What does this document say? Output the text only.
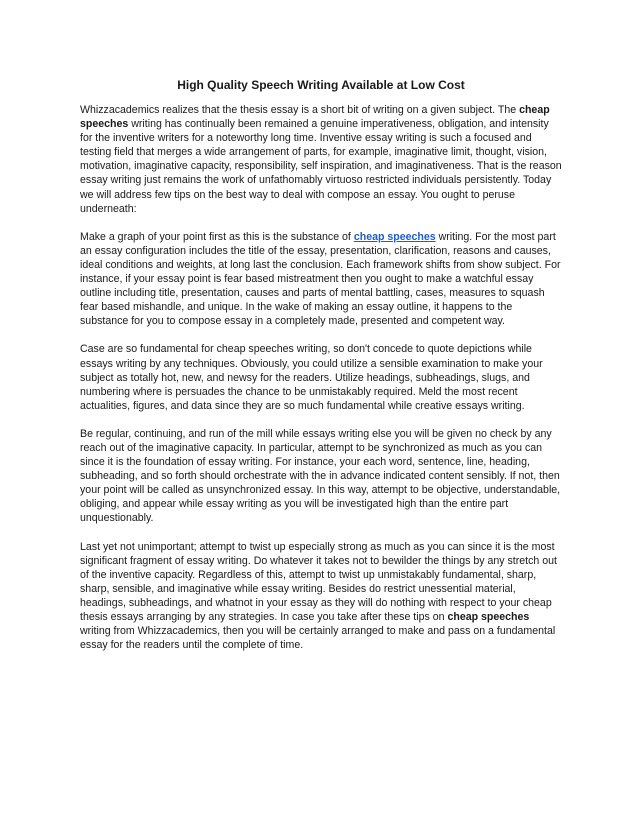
High Quality Speech Writing Available at Low Cost

Whizzacademics realizes that the thesis essay is a short bit of writing on a given subject. The cheap speeches writing has continually been remained a genuine imperativeness, obligation, and intensity for the inventive writers for a noteworthy long time. Inventive essay writing is such a focused and testing field that merges a wide arrangement of parts, for example, imaginative limit, thought, vision, motivation, imaginative capacity, responsibility, self inspiration, and imaginativeness. That is the reason essay writing just remains the work of unfathomably virtuoso restricted individuals persistently. Today we will address few tips on the best way to deal with compose an essay. You ought to peruse underneath:

Make a graph of your point first as this is the substance of cheap speeches writing. For the most part an essay configuration includes the title of the essay, presentation, clarification, reasons and causes, ideal conditions and weights, at long last the conclusion. Each framework shifts from show subject. For instance, if your essay point is fear based mistreatment then you ought to make a watchful essay outline including title, presentation, causes and parts of mental battling, cases, measures to squash fear based mishandle, and unique. In the wake of making an essay outline, it happens to the substance for you to compose essay in a completely made, presented and competent way.

Case are so fundamental for cheap speeches writing, so don't concede to quote depictions while essays writing by any techniques. Obviously, you could utilize a sensible examination to make your subject as totally hot, new, and newsy for the readers. Utilize headings, subheadings, slugs, and numbering where is persuades the chance to be unmistakably required. Meld the most recent actualities, figures, and data since they are so much fundamental while creative essays writing.

Be regular, continuing, and run of the mill while essays writing else you will be given no check by any reach out of the imaginative capacity. In particular, attempt to be synchronized as much as you can since it is the foundation of essay writing. For instance, your each word, sentence, line, heading, subheading, and so forth should orchestrate with the in advance indicated content sensibly. If not, then your point will be called as unsynchronized essay. In this way, attempt to be objective, understandable, obliging, and appear while essay writing as you will be investigated high than the entire part unquestionably.

Last yet not unimportant; attempt to twist up especially strong as much as you can since it is the most significant fragment of essay writing. Do whatever it takes not to bewilder the things by any stretch out of the inventive capacity. Regardless of this, attempt to twist up unmistakably fundamental, sharp, sharp, sensible, and imaginative while essay writing. Besides do restrict unessential material, headings, subheadings, and whatnot in your essay as they will do nothing with respect to your cheap thesis essays arranging by any strategies. In case you take after these tips on cheap speeches writing from Whizzacademics, then you will be certainly arranged to make and pass on a fundamental essay for the readers until the complete of time.
